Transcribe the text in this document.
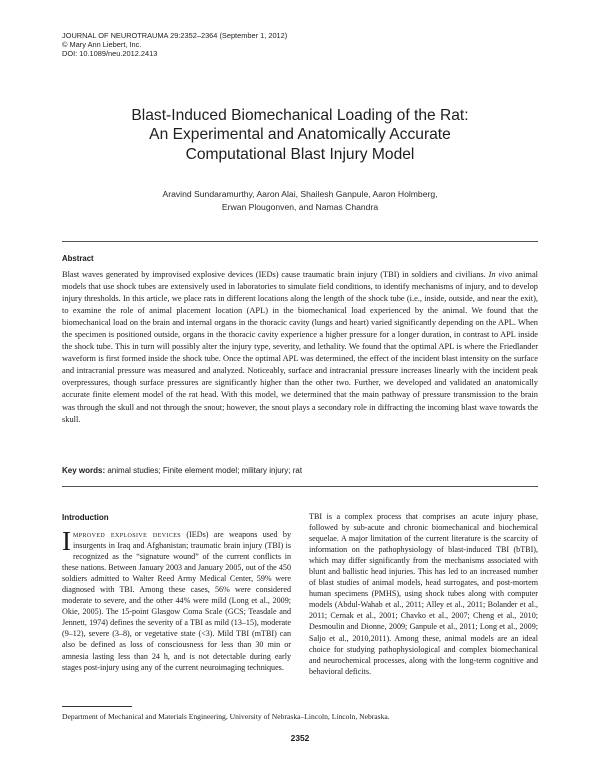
JOURNAL OF NEUROTRAUMA 29:2352–2364 (September 1, 2012)
© Mary Ann Liebert, Inc.
DOI: 10.1089/neu.2012.2413
Blast-Induced Biomechanical Loading of the Rat:
An Experimental and Anatomically Accurate
Computational Blast Injury Model
Aravind Sundaramurthy, Aaron Alai, Shailesh Ganpule, Aaron Holmberg,
Erwan Plougonven, and Namas Chandra
Abstract
Blast waves generated by improvised explosive devices (IEDs) cause traumatic brain injury (TBI) in soldiers and civilians. In vivo animal models that use shock tubes are extensively used in laboratories to simulate field conditions, to identify mechanisms of injury, and to develop injury thresholds. In this article, we place rats in different locations along the length of the shock tube (i.e., inside, outside, and near the exit), to examine the role of animal placement location (APL) in the biomechanical load experienced by the animal. We found that the biomechanical load on the brain and internal organs in the thoracic cavity (lungs and heart) varied significantly depending on the APL. When the specimen is positioned outside, organs in the thoracic cavity experience a higher pressure for a longer duration, in contrast to APL inside the shock tube. This in turn will possibly alter the injury type, severity, and lethality. We found that the optimal APL is where the Friedlander waveform is first formed inside the shock tube. Once the optimal APL was determined, the effect of the incident blast intensity on the surface and intracranial pressure was measured and analyzed. Noticeably, surface and intracranial pressure increases linearly with the incident peak overpressures, though surface pressures are significantly higher than the other two. Further, we developed and validated an anatomically accurate finite element model of the rat head. With this model, we determined that the main pathway of pressure transmission to the brain was through the skull and not through the snout; however, the snout plays a secondary role in diffracting the incoming blast wave towards the skull.
Key words: animal studies; Finite element model; military injury; rat
Introduction
Improved explosive devices (IEDs) are weapons used by insurgents in Iraq and Afghanistan; traumatic brain injury (TBI) is recognized as the “signature wound” of the current conflicts in these nations. Between January 2003 and January 2005, out of the 450 soldiers admitted to Walter Reed Army Medical Center, 59% were diagnosed with TBI. Among these cases, 56% were considered moderate to severe, and the other 44% were mild (Long et al., 2009; Okie, 2005). The 15-point Glasgow Coma Scale (GCS; Teasdale and Jennett, 1974) defines the severity of a TBI as mild (13–15), moderate (9–12), severe (3–8), or vegetative state (<3). Mild TBI (mTBI) can also be defined as loss of consciousness for less than 30 min or amnesia lasting less than 24 h, and is not detectable during early stages post-injury using any of the current neuroimaging techniques.
TBI is a complex process that comprises an acute injury phase, followed by sub-acute and chronic biomechanical and biochemical sequelae. A major limitation of the current literature is the scarcity of information on the pathophysiology of blast-induced TBI (bTBI), which may differ significantly from the mechanisms associated with blunt and ballistic head injuries. This has led to an increased number of blast studies of animal models, head surrogates, and post-mortem human specimens (PMHS), using shock tubes along with computer models (Abdul-Wahab et al., 2011; Alley et al., 2011; Bolander et al., 2011; Cernak et al., 2001; Chavko et al., 2007; Cheng et al., 2010; Desmoulin and Dionne, 2009; Ganpule et al., 2011; Long et al., 2009; Saljo et al., 2010,2011). Among these, animal models are an ideal choice for studying pathophysiological and complex biomechanical and neurochemical processes, along with the long-term cognitive and behavioral deficits.
Department of Mechanical and Materials Engineering, University of Nebraska–Lincoln, Lincoln, Nebraska.
2352
